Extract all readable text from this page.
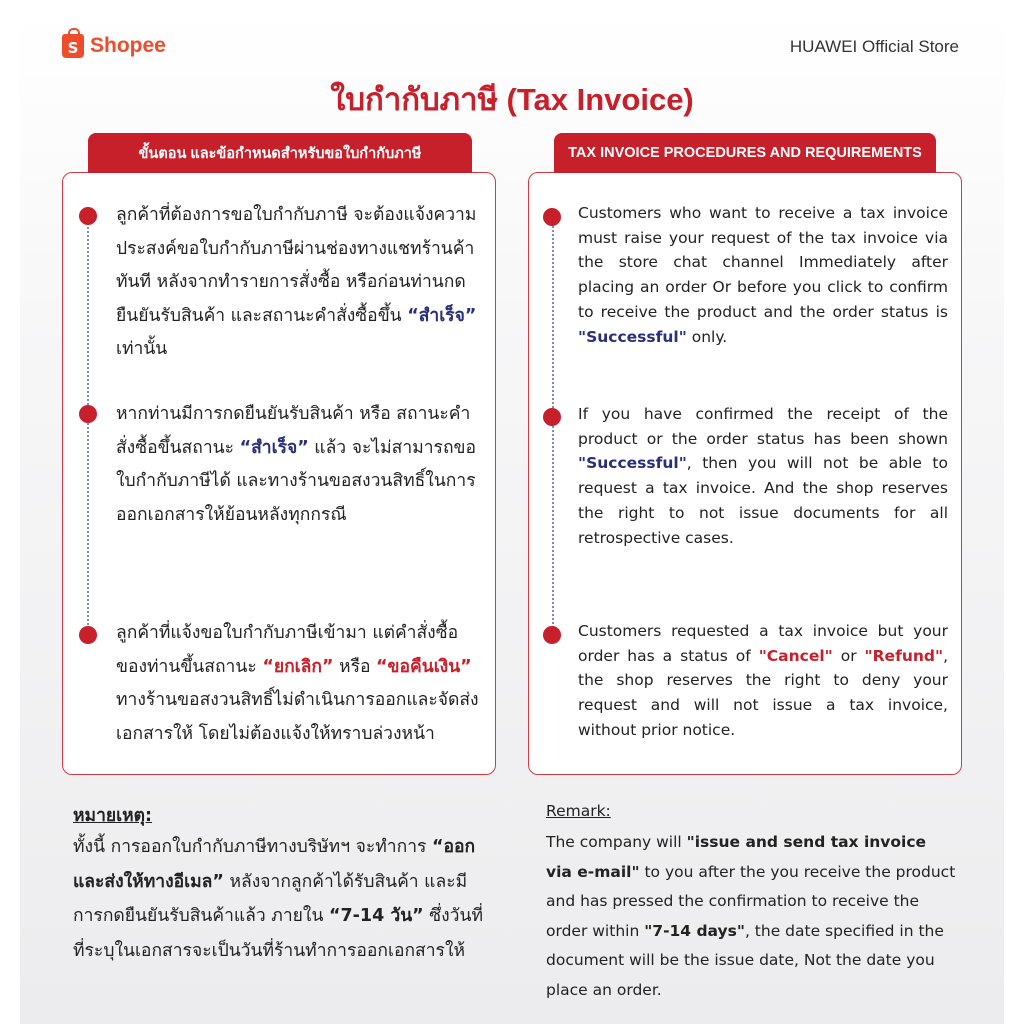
S Shopee	HUAWEI Official Store
ใบกำกับภาษี (Tax Invoice)
ขั้นตอน และข้อกำหนดสำหรับขอใบกำกับภาษี
ลูกค้าที่ต้องการขอใบกำกับภาษี จะต้องแจ้งความประสงค์ขอใบกำกับภาษีผ่านช่องทางแชทร้านค้าทันที หลังจากทำรายการสั่งซื้อ หรือก่อนท่านกดยืนยันรับสินค้า และสถานะคำสั่งซื้อขึ้น “สำเร็จ” เท่านั้น
หากท่านมีการกดยืนยันรับสินค้า หรือ สถานะคำสั่งซื้อขึ้นสถานะ “สำเร็จ” แล้ว จะไม่สามารถขอใบกำกับภาษีได้ และทางร้านขอสงวนสิทธิ์ในการออกเอกสารให้ย้อนหลังทุกกรณี
ลูกค้าที่แจ้งขอใบกำกับภาษีเข้ามา แต่คำสั่งซื้อของท่านขึ้นสถานะ “ยกเลิก” หรือ “ขอคืนเงิน” ทางร้านขอสงวนสิทธิ์ไม่ดำเนินการออกและจัดส่งเอกสารให้ โดยไม่ต้องแจ้งให้ทราบล่วงหน้า
TAX INVOICE PROCEDURES AND REQUIREMENTS
Customers who want to receive a tax invoice must raise your request of the tax invoice via the store chat channel Immediately after placing an order Or before you click to confirm to receive the product and the order status is "Successful" only.
If you have confirmed the receipt of the product or the order status has been shown "Successful", then you will not be able to request a tax invoice. And the shop reserves the right to not issue documents for all retrospective cases.
Customers requested a tax invoice but your order has a status of "Cancel" or "Refund", the shop reserves the right to deny your request and will not issue a tax invoice, without prior notice.
หมายเหตุ:
ทั้งนี้ การออกใบกำกับภาษีทางบริษัทฯ จะทำการ “ออกและส่งให้ทางอีเมล” หลังจากลูกค้าได้รับสินค้า และมีการกดยืนยันรับสินค้าแล้ว ภายใน “7-14 วัน” ซึ่งวันที่ที่ระบุในเอกสารจะเป็นวันที่ร้านทำการออกเอกสารให้
Remark:
The company will "issue and send tax invoice via e-mail" to you after the you receive the product and has pressed the confirmation to receive the order within "7-14 days", the date specified in the document will be the issue date, Not the date you place an order.
